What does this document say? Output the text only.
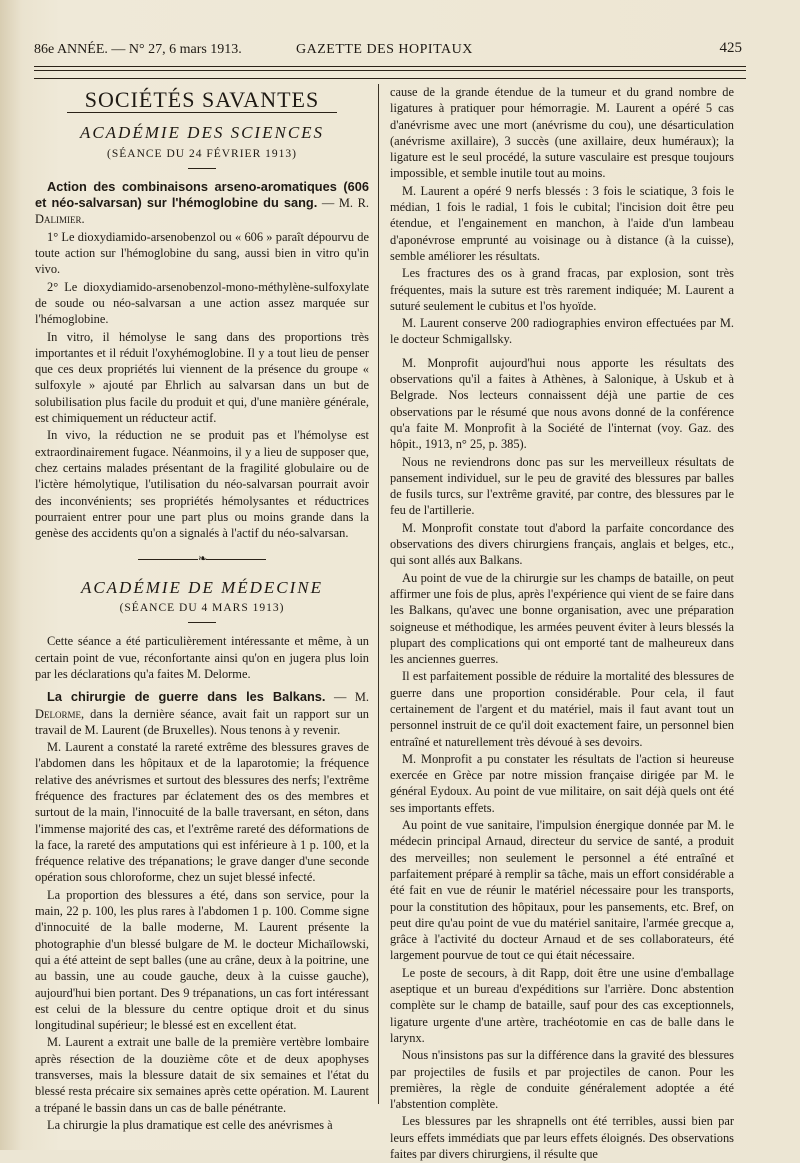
86e ANNÉE. — N° 27, 6 mars 1913.	GAZETTE DES HOPITAUX	425
SOCIÉTÉS SAVANTES
ACADÉMIE DES SCIENCES
(SÉANCE DU 24 FÉVRIER 1913)

Action des combinaisons arseno-aromatiques (606 et néo-salvarsan) sur l'hémoglobine du sang. — M. R. Dalimier.

1° Le dioxydiamido-arsenobenzol ou « 606 » paraît dépourvu de toute action sur l'hémoglobine du sang, aussi bien in vitro qu'in vivo.

2° Le dioxydiamido-arsenobenzol-mono-méthylène-sulfoxylate de soude ou néo-salvarsan a une action assez marquée sur l'hémoglobine.

In vitro, il hémolyse le sang dans des proportions très importantes et il réduit l'oxyhémoglobine. Il y a tout lieu de penser que ces deux propriétés lui viennent de la présence du groupe « sulfoxyle » ajouté par Ehrlich au salvarsan dans un but de solubilisation plus facile du produit et qui, d'une manière générale, est chimiquement un réducteur actif.

In vivo, la réduction ne se produit pas et l'hémolyse est extraordinairement fugace. Néanmoins, il y a lieu de supposer que, chez certains malades présentant de la fragilité globulaire ou de l'ictère hémolytique, l'utilisation du néo-salvarsan pourrait avoir des inconvénients; ses propriétés hémolysantes et réductrices pourraient entrer pour une part plus ou moins grande dans la genèse des accidents qu'on a signalés à l'actif du néo-salvarsan.

❧
ACADÉMIE DE MÉDECINE
(SÉANCE DU 4 MARS 1913)

Cette séance a été particulièrement intéressante et même, à un certain point de vue, réconfortante ainsi qu'on en jugera plus loin par les déclarations qu'a faites M. Delorme.

La chirurgie de guerre dans les Balkans. — M. Delorme, dans la dernière séance, avait fait un rapport sur un travail de M. Laurent (de Bruxelles). Nous tenons à y revenir.

M. Laurent a constaté la rareté extrême des blessures graves de l'abdomen dans les hôpitaux et de la laparotomie; la fréquence relative des anévrismes et surtout des blessures des nerfs; l'extrême fréquence des fractures par éclatement des os des membres et surtout de la main, l'innocuité de la balle traversant, en séton, dans l'immense majorité des cas, et l'extrême rareté des déformations de la face, la rareté des amputations qui est inférieure à 1 p. 100, et la fréquence relative des trépanations; le grave danger d'une seconde opération sous chloroforme, chez un sujet blessé infecté.

La proportion des blessures a été, dans son service, pour la main, 22 p. 100, les plus rares à l'abdomen 1 p. 100. Comme signe d'innocuité de la balle moderne, M. Laurent présente la photographie d'un blessé bulgare de M. le docteur Michaïlowski, qui a été atteint de sept balles (une au crâne, deux à la poitrine, une au bassin, une au coude gauche, deux à la cuisse gauche), aujourd'hui bien portant. Des 9 trépanations, un cas fort intéressant est celui de la blessure du centre optique droit et du sinus longitudinal supérieur; le blessé est en excellent état.

M. Laurent a extrait une balle de la première vertèbre lombaire après résection de la douzième côte et de deux apophyses transverses, mais la blessure datait de six semaines et l'état du blessé resta précaire six semaines après cette opération. M. Laurent a trépané le bassin dans un cas de balle pénétrante.

La chirurgie la plus dramatique est celle des anévrismes à

cause de la grande étendue de la tumeur et du grand nombre de ligatures à pratiquer pour hémorragie. M. Laurent a opéré 5 cas d'anévrisme avec une mort (anévrisme du cou), une désarticulation (anévrisme axillaire), 3 succès (une axillaire, deux huméraux); la ligature est le seul procédé, la suture vasculaire est presque toujours impossible, et semble inutile tout au moins.

M. Laurent a opéré 9 nerfs blessés : 3 fois le sciatique, 3 fois le médian, 1 fois le radial, 1 fois le cubital; l'incision doit être peu étendue, et l'engainement en manchon, à l'aide d'un lambeau d'aponévrose emprunté au voisinage ou à distance (à la cuisse), semble améliorer les résultats.

Les fractures des os à grand fracas, par explosion, sont très fréquentes, mais la suture est très rarement indiquée; M. Laurent a suturé seulement le cubitus et l'os hyoïde.

M. Laurent conserve 200 radiographies environ effectuées par M. le docteur Schmigallsky.

M. Monprofit aujourd'hui nous apporte les résultats des observations qu'il a faites à Athènes, à Salonique, à Uskub et à Belgrade. Nos lecteurs connaissent déjà une partie de ces observations par le résumé que nous avons donné de la conférence qu'a faite M. Monprofit à la Société de l'internat (voy. Gaz. des hôpit., 1913, n° 25, p. 385).

Nous ne reviendrons donc pas sur les merveilleux résultats de pansement individuel, sur le peu de gravité des blessures par balles de fusils turcs, sur l'extrême gravité, par contre, des blessures par le feu de l'artillerie.

M. Monprofit constate tout d'abord la parfaite concordance des observations des divers chirurgiens français, anglais et belges, etc., qui sont allés aux Balkans.

Au point de vue de la chirurgie sur les champs de bataille, on peut affirmer une fois de plus, après l'expérience qui vient de se faire dans les Balkans, qu'avec une bonne organisation, avec une préparation soigneuse et méthodique, les armées peuvent éviter à leurs blessés la plupart des complications qui ont emporté tant de malheureux dans les anciennes guerres.

Il est parfaitement possible de réduire la mortalité des blessures de guerre dans une proportion considérable. Pour cela, il faut certainement de l'argent et du matériel, mais il faut avant tout un personnel instruit de ce qu'il doit exactement faire, un personnel bien entraîné et naturellement très dévoué à ses devoirs.

M. Monprofit a pu constater les résultats de l'action si heureuse exercée en Grèce par notre mission française dirigée par M. le général Eydoux. Au point de vue militaire, on sait déjà quels ont été ses importants effets.

Au point de vue sanitaire, l'impulsion énergique donnée par M. le médecin principal Arnaud, directeur du service de santé, a produit des merveilles; non seulement le personnel a été entraîné et parfaitement préparé à remplir sa tâche, mais un effort considérable a été fait en vue de réunir le matériel nécessaire pour les transports, pour la constitution des hôpitaux, pour les pansements, etc. Bref, on peut dire qu'au point de vue du matériel sanitaire, l'armée grecque a, grâce à l'activité du docteur Arnaud et de ses collaborateurs, été largement pourvue de tout ce qui était nécessaire.

Le poste de secours, à dit Rapp, doit être une usine d'emballage aseptique et un bureau d'expéditions sur l'arrière. Donc abstention complète sur le champ de bataille, sauf pour des cas exceptionnels, ligature urgente d'une artère, trachéotomie en cas de balle dans le larynx.

Nous n'insistons pas sur la différence dans la gravité des blessures par projectiles de fusils et par projectiles de canon. Pour les premières, la règle de conduite généralement adoptée a été l'abstention complète.

Les blessures par les shrapnells ont été terribles, aussi bien par leurs effets immédiats que par leurs effets éloignés. Des observations faites par divers chirurgiens, il résulte que
